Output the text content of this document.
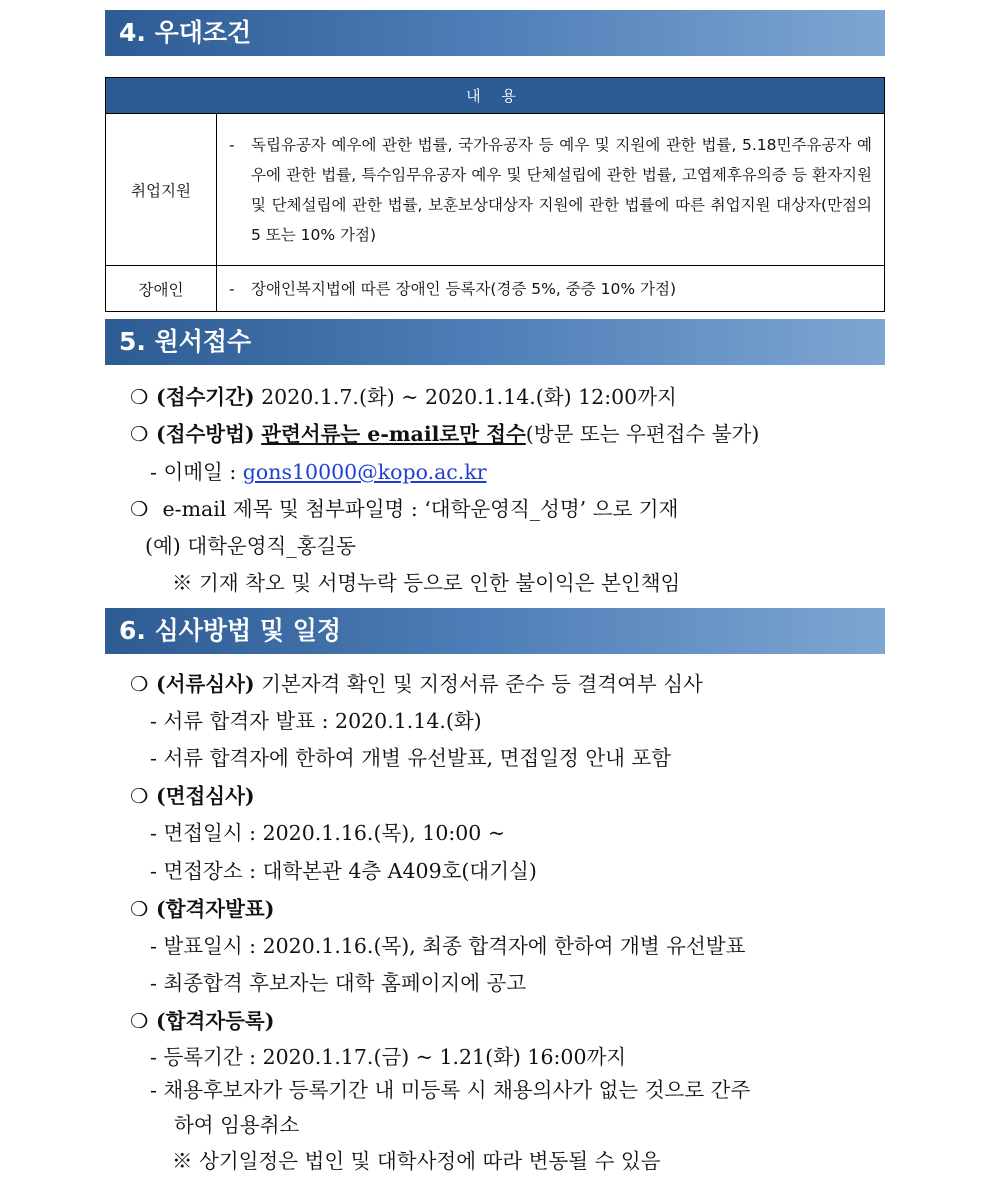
4. 우대조건
내 용	
취업지원	- 독립유공자 예우에 관한 법률, 국가유공자 등 예우 및 지원에 관한 법률, 5.18민주유공자 예우에 관한 법률, 특수임무유공자 예우 및 단체설립에 관한 법률, 고엽제후유의증 등 환자지원 및 단체설립에 관한 법률, 보훈보상대상자 지원에 관한 법률에 따른 취업지원 대상자(만점의 5 또는 10% 가점)

장애인	- 장애인복지법에 따른 장애인 등록자(경증 5%, 중증 10% 가점)
5. 원서접수
❍ (접수기간) 2020.1.7.(화) ~ 2020.1.14.(화) 12:00까지
❍ (접수방법) 관련서류는 e-mail로만 접수(방문 또는 우편접수 불가)
- 이메일 : gons10000@kopo.ac.kr
❍ e-mail 제목 및 첨부파일명 : ‘대학운영직_성명’ 으로 기재
(예) 대학운영직_홍길동
※ 기재 착오 및 서명누락 등으로 인한 불이익은 본인책임
6. 심사방법 및 일정
❍ (서류심사) 기본자격 확인 및 지정서류 준수 등 결격여부 심사
- 서류 합격자 발표 : 2020.1.14.(화)
- 서류 합격자에 한하여 개별 유선발표, 면접일정 안내 포함
❍ (면접심사)
- 면접일시 : 2020.1.16.(목), 10:00 ~
- 면접장소 : 대학본관 4층 A409호(대기실)
❍ (합격자발표)
- 발표일시 : 2020.1.16.(목), 최종 합격자에 한하여 개별 유선발표
- 최종합격 후보자는 대학 홈페이지에 공고
❍ (합격자등록)
- 등록기간 : 2020.1.17.(금) ~ 1.21(화) 16:00까지
- 채용후보자가 등록기간 내 미등록 시 채용의사가 없는 것으로 간주
하여 임용취소
※ 상기일정은 법인 및 대학사정에 따라 변동될 수 있음
